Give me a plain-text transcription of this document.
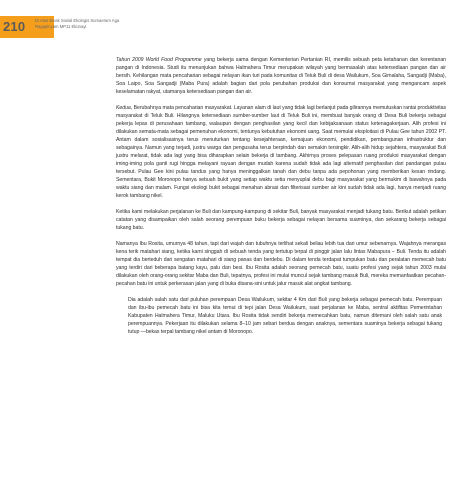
210 Di Atas Bivak Sosial Ekologis Sumaeram Aga
Ragapinyam MP11 Ekonayi

Tahun 2009 World Food Programme yang bekerja sama dengan Kementerian Pertanian RI, memilis sebuah peta ketahanan dan kerentanan pangan di Indonesia. Studi itu menunjukan bahwa Halmahera Timur merupakan wilayah yang bermasalah atas ketersediaan pangan dan air bersih. Kehilangan mata pencaharian sebagai nelayan ikan turi pada komunitas di Teluk Buli di desa Wailukum, Soa Gimalaha, Sangadji (Maba), Soa Laipo, Soa Sangadji (Maba Pura) adalah bagian dari pola perubahan produksi dan konsumsi masyarakat yang mengancam aspek keselamatan rakyat, utamanya ketersediaan pangan dan air.

Kedua, Berubahnya mata pencaharian masyarakat. Layanan alam di laut yang tidak lagi berlanjut pada gilirannya memutuskan rantai produktivitas masyarakat di Teluk Buli. Hilangnya ketersediaan sumber-sumber laut di Teluk Buli ini, membuat banyak orang di Desa Buli bekerja sebagai pekerja lepas di perusahaan tambang, walaupun dengan penghasilan yang kecil dan kebijaksanaan status ketenagakerjaan. Alih profesi ini dilakukan semata-mata sebagai pemenuhan ekonomi, tentunya kebutuhan ekonomi uang. Saat memulai eksploitasi di Pulau Gee tahun 2002 PT. Antam dalam sosialisasinya terus menuturkan tentang kesejahteraan, kemajuan ekonomi, pendidikan, pembangunan infrastruktur dan sebagainya. Namun yang terjadi, justru warga dan pengusaha terus berpindah dan semakin tersingkir. Alih-alih hidup sejahtera, masyarakat Buli justru melarat, tidak ada lagi yang bisa diharapkan selain bekerja di tambang. Akhirnya proses pelepasan ruang produksi masyarakat dengan iming-iming pola ganti rugi hingga melayani rayuan dengan mudah karena sudah tidak ada lagi alternatif penghasilan dari pandangan pulau tersebut. Pulau Gee kini pulau tandus yang hanya meninggalkan tanah dan debu tanpa ada pepohonan yang memberikan kesan rindang. Sementara, Bukit Moronopo hanya sebuah bukit yang setiap waktu setia menyuplai debu bagi masyarakat yang bermukim di bawahnya pada waktu siang dan malam. Fungsi ekologi bukit sebagai menahan abrasi dan filterisasi sumber air kini sudah tidak ada lagi, hanya menjadi ruang kerok tambang nikel.

Ketika kami melakukan perjalanan ke Buli dan kampung-kampung di sekitar Buli, banyak masyarakat menjadi tukang batu. Berikut adalah petikan catatan yang disampaikan oleh salah seorang perempuan buku bekerja sebagai nelayan bersama suaminya, dan sekarang bekerja sebagai tukang batu.

Namanya Ibu Rosita, umurnya 48 tahun, tapi dari wajah dan tubuhnya terlihat sekali beliau lebih tua dari umur sebenarnya. Wajahnya merangas kena terik matahari siang, ketika kami singgah di sebuah tenda yang tertutup terpal di pinggir jalan lalu lintas Mabapura – Buli. Tenda itu adalah tempat dia berteduh dari sengatan matahari di siang panas dan berdebu. Di dalam tenda terdapat tumpukan batu dan peralatan memecah batu yang terdiri dari beberapa batang kayu, palu dan besi. Ibu Rosita adalah seorang pemecah batu, suatu profesi yang sejak tahun 2003 mulai dilakukan oleh orang-orang sekitar Maba dan Buli, tepatnya, profesi ini mulai muncul sejak tambang masuk Buli, mereka memanfaatkan pecahan-pecahan batu ini untuk perkerasan jalan yang di buka disana-sini untuk jalur masuk alat angkat tambang.

Dia adalah salah satu dari puluhan perempuan Desa Wailukum, sekitar 4 Km dari Buli yang bekerja sebagai pemecah batu. Perempuan dan ibu-ibu pemecah batu ini bisa kita temui di tepi jalan Desa Wailukum, saat perjalanan ke Maba, sentral aktifitas Pemerintahan Kabupaten Halmahera Timur, Maluku Utara. Ibu Rosita tidak sendiri bekerja memecahkan batu, namun ditemani oleh salah satu anak perempuannya. Pekerjaan itu dilakukan selama 8–10 jam sebari berdua dengan anaknya, sementara suaminya bekerja sebagai tukang tutup —bekas terpal tambang nikel antam di Moronopo.
